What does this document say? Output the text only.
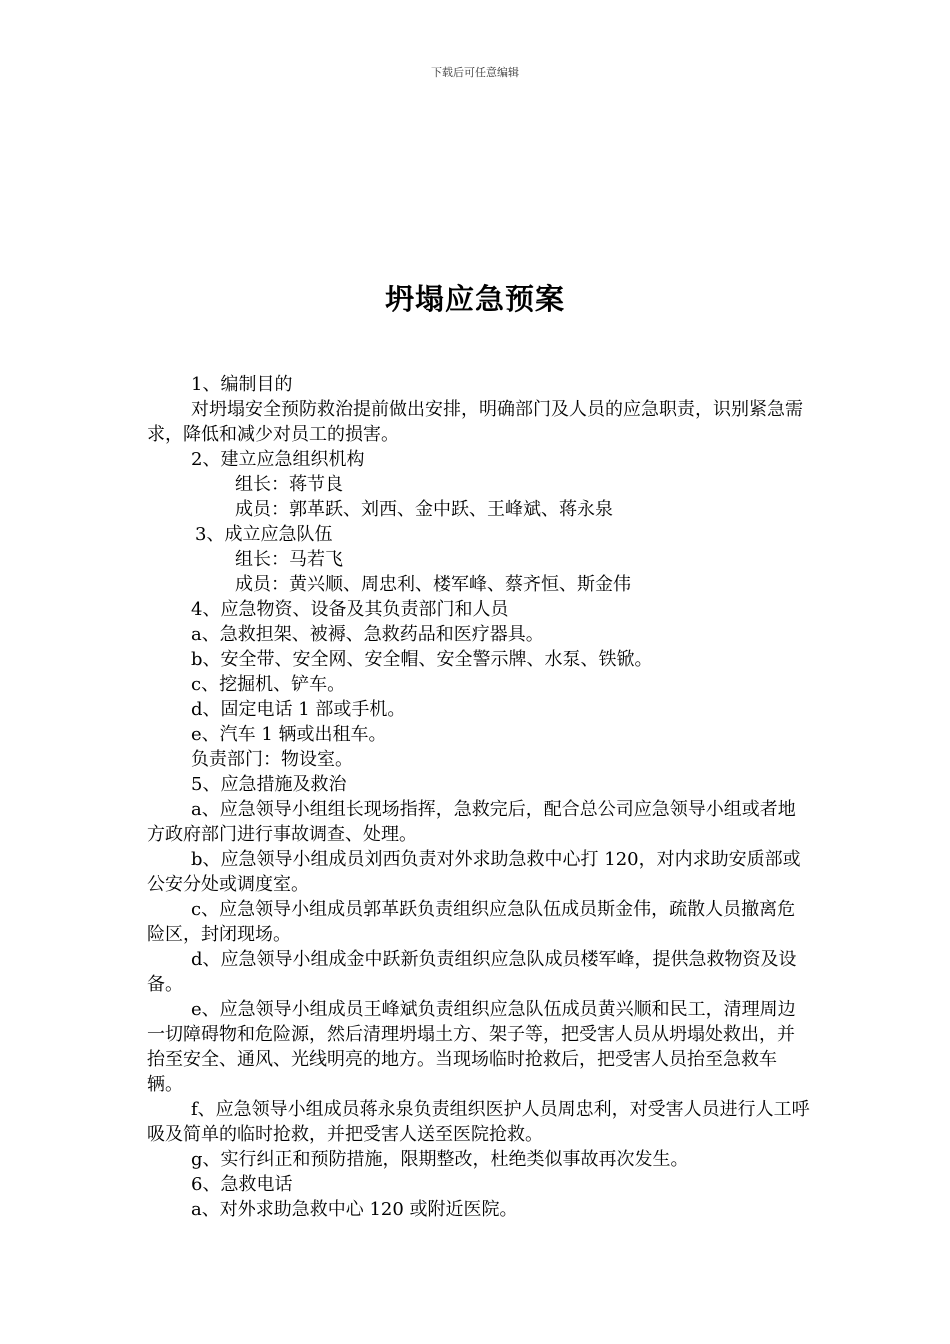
下载后可任意编辑
坍塌应急预案

1、编制目的

对坍塌安全预防救治提前做出安排，明确部门及人员的应急职责，识别紧急需求，降低和减少对员工的损害。

2、建立应急组织机构

组长：蒋节良

成员：郭革跃、刘西、金中跃、王峰斌、蒋永泉

3、成立应急队伍

组长：马若飞

成员：黄兴顺、周忠利、楼军峰、蔡齐恒、斯金伟

4、应急物资、设备及其负责部门和人员

a、急救担架、被褥、急救药品和医疗器具。

b、安全带、安全网、安全帽、安全警示牌、水泵、铁锨。

c、挖掘机、铲车。

d、固定电话 1 部或手机。

e、汽车 1 辆或出租车。

负责部门：物设室。

5、应急措施及救治

a、应急领导小组组长现场指挥，急救完后，配合总公司应急领导小组或者地方政府部门进行事故调查、处理。

b、应急领导小组成员刘西负责对外求助急救中心打 120，对内求助安质部或公安分处或调度室。

c、应急领导小组成员郭革跃负责组织应急队伍成员斯金伟，疏散人员撤离危险区，封闭现场。

d、应急领导小组成金中跃新负责组织应急队成员楼军峰，提供急救物资及设备。

e、应急领导小组成员王峰斌负责组织应急队伍成员黄兴顺和民工，清理周边一切障碍物和危险源，然后清理坍塌土方、架子等，把受害人员从坍塌处救出，并抬至安全、通风、光线明亮的地方。当现场临时抢救后，把受害人员抬至急救车辆。

f、应急领导小组成员蒋永泉负责组织医护人员周忠利，对受害人员进行人工呼吸及简单的临时抢救，并把受害人送至医院抢救。

g、实行纠正和预防措施，限期整改，杜绝类似事故再次发生。

6、急救电话

a、对外求助急救中心 120 或附近医院。
